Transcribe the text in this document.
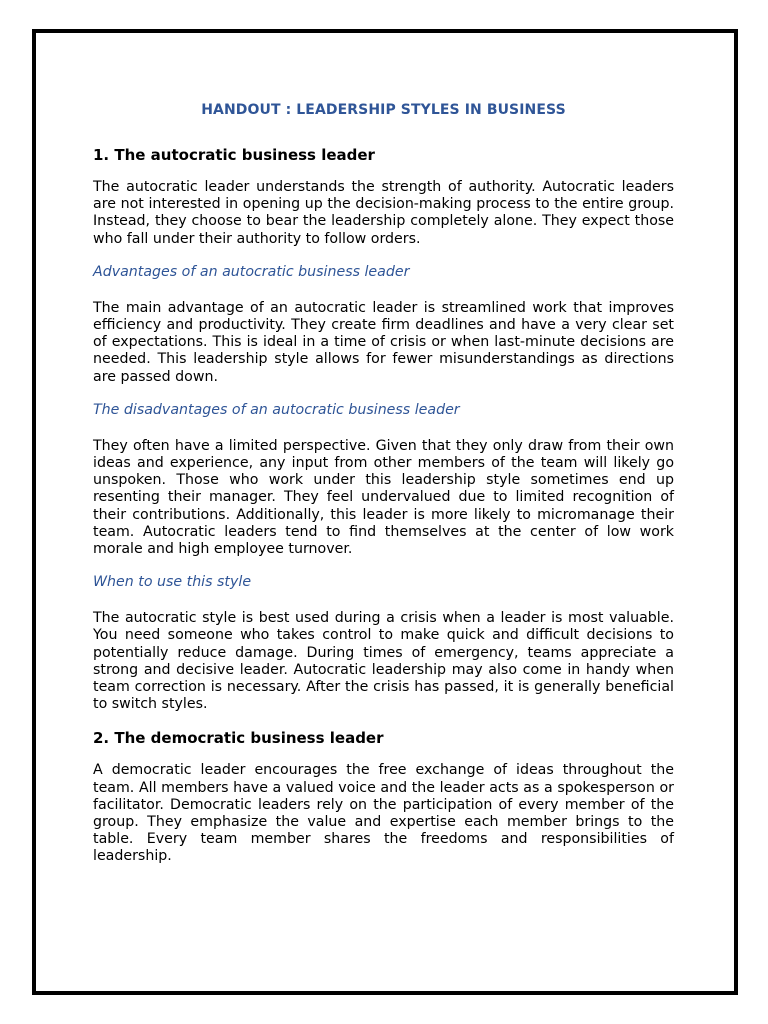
HANDOUT : LEADERSHIP STYLES IN BUSINESS
1. The autocratic business leader

The autocratic leader understands the strength of authority. Autocratic leaders are not interested in opening up the decision-making process to the entire group. Instead, they choose to bear the leadership completely alone. They expect those who fall under their authority to follow orders.

Advantages of an autocratic business leader

The main advantage of an autocratic leader is streamlined work that improves efficiency and productivity. They create firm deadlines and have a very clear set of expectations. This is ideal in a time of crisis or when last-minute decisions are needed. This leadership style allows for fewer misunderstandings as directions are passed down.

The disadvantages of an autocratic business leader

They often have a limited perspective. Given that they only draw from their own ideas and experience, any input from other members of the team will likely go unspoken. Those who work under this leadership style sometimes end up resenting their manager. They feel undervalued due to limited recognition of their contributions. Additionally, this leader is more likely to micromanage their team. Autocratic leaders tend to find themselves at the center of low work morale and high employee turnover.

When to use this style

The autocratic style is best used during a crisis when a leader is most valuable. You need someone who takes control to make quick and difficult decisions to potentially reduce damage. During times of emergency, teams appreciate a strong and decisive leader. Autocratic leadership may also come in handy when team correction is necessary. After the crisis has passed, it is generally beneficial to switch styles.

2. The democratic business leader

A democratic leader encourages the free exchange of ideas throughout the team. All members have a valued voice and the leader acts as a spokesperson or facilitator. Democratic leaders rely on the participation of every member of the group. They emphasize the value and expertise each member brings to the table. Every team member shares the freedoms and responsibilities of leadership.
